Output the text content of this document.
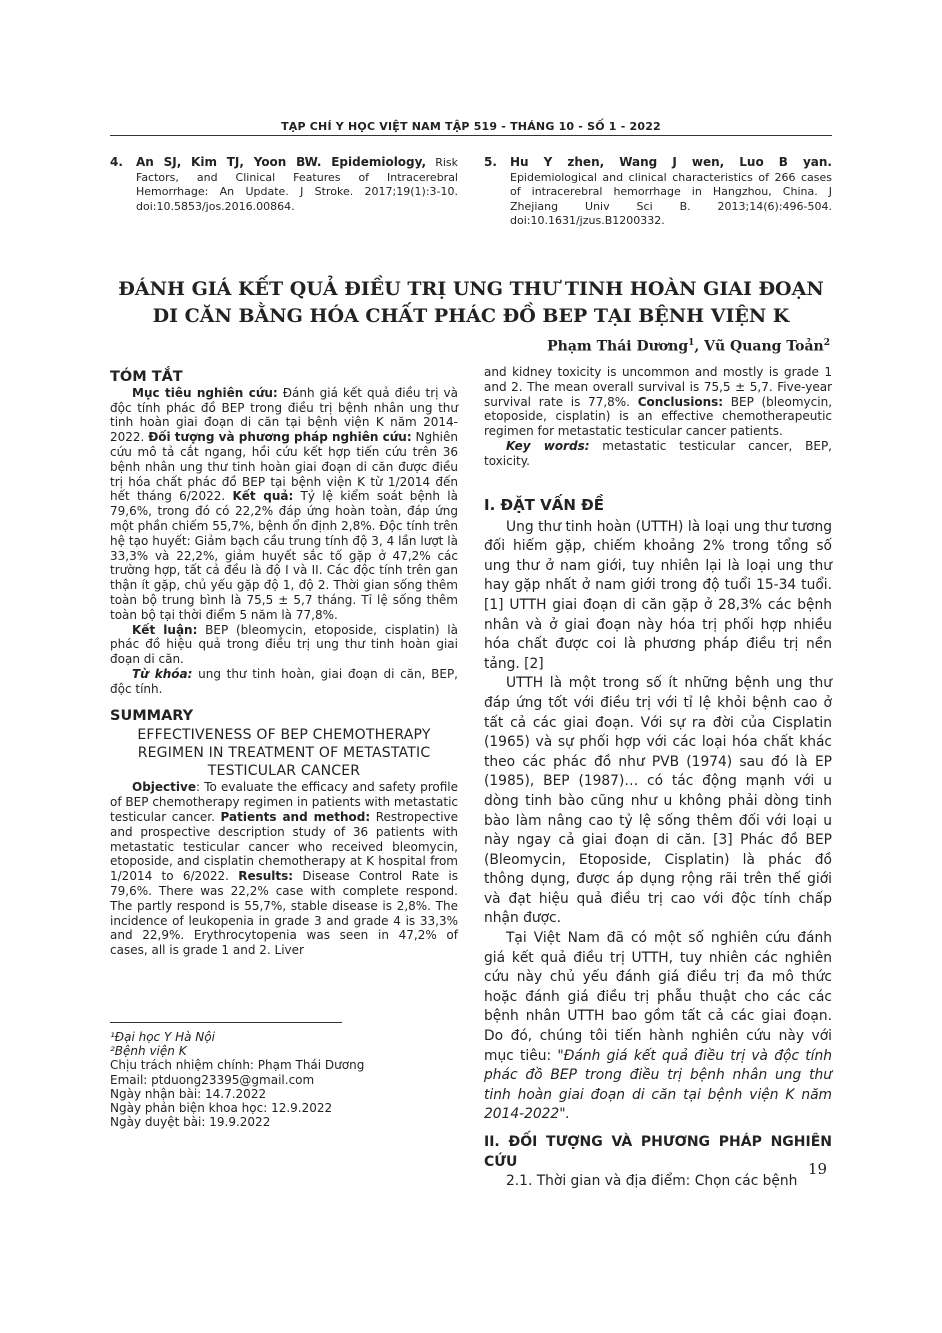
TẠP CHÍ Y HỌC VIỆT NAM TẬP 519 - THÁNG 10 - SỐ 1 - 2022
4. An SJ, Kim TJ, Yoon BW. Epidemiology, Risk Factors, and Clinical Features of Intracerebral Hemorrhage: An Update. J Stroke. 2017;19(1):3-10. doi:10.5853/jos.2016.00864.
5. Hu Y zhen, Wang J wen, Luo B yan. Epidemiological and clinical characteristics of 266 cases of intracerebral hemorrhage in Hangzhou, China. J Zhejiang Univ Sci B. 2013;14(6):496-504. doi:10.1631/jzus.B1200332.
ĐÁNH GIÁ KẾT QUẢ ĐIỀU TRỊ UNG THƯ TINH HOÀN GIAI ĐOẠN
DI CĂN BẰNG HÓA CHẤT PHÁC ĐỒ BEP TẠI BỆNH VIỆN K
Phạm Thái Dương$^1$, Vũ Quang Toản$^2$
TÓM TẮT

Mục tiêu nghiên cứu: Đánh giá kết quả điều trị và độc tính phác đồ BEP trong điều trị bệnh nhân ung thư tinh hoàn giai đoạn di căn tại bệnh viện K năm 2014-2022. Đối tượng và phương pháp nghiên cứu: Nghiên cứu mô tả cắt ngang, hồi cứu kết hợp tiến cứu trên 36 bệnh nhân ung thư tinh hoàn giai đoạn di căn được điều trị hóa chất phác đồ BEP tại bệnh viện K từ 1/2014 đến hết tháng 6/2022. Kết quả: Tỷ lệ kiểm soát bệnh là 79,6%, trong đó có 22,2% đáp ứng hoàn toàn, đáp ứng một phần chiếm 55,7%, bệnh ổn định 2,8%. Độc tính trên hệ tạo huyết: Giảm bạch cầu trung tính độ 3, 4 lần lượt là 33,3% và 22,2%, giảm huyết sắc tố gặp ở 47,2% các trường hợp, tất cả đều là độ I và II. Các độc tính trên gan thận ít gặp, chủ yếu gặp độ 1, độ 2. Thời gian sống thêm toàn bộ trung bình là 75,5 ± 5,7 tháng. Tỉ lệ sống thêm toàn bộ tại thời điểm 5 năm là 77,8%.

Kết luận: BEP (bleomycin, etoposide, cisplatin) là phác đồ hiệu quả trong điều trị ung thư tinh hoàn giai đoạn di căn.

Từ khóa: ung thư tinh hoàn, giai đoạn di căn, BEP, độc tính.

SUMMARY
EFFECTIVENESS OF BEP CHEMOTHERAPY
REGIMEN IN TREATMENT OF METASTATIC
TESTICULAR CANCER

Objective: To evaluate the efficacy and safety profile of BEP chemotherapy regimen in patients with metastatic testicular cancer. Patients and method: Restropective and prospective description study of 36 patients with metastatic testicular cancer who received bleomycin, etoposide, and cisplatin chemotherapy at K hospital from 1/2014 to 6/2022. Results: Disease Control Rate is 79,6%. There was 22,2% case with complete respond. The partly respond is 55,7%, stable disease is 2,8%. The incidence of leukopenia in grade 3 and grade 4 is 33,3% and 22,9%. Erythrocytopenia was seen in 47,2% of cases, all is grade 1 and 2. Liver

¹Đại học Y Hà Nội
²Bệnh viện K
Chịu trách nhiệm chính: Phạm Thái Dương
Email: ptduong23395@gmail.com
Ngày nhận bài: 14.7.2022
Ngày phản biện khoa học: 12.9.2022
Ngày duyệt bài: 19.9.2022

and kidney toxicity is uncommon and mostly is grade 1 and 2. The mean overall survival is 75,5 ± 5,7. Five-year survival rate is 77,8%. Conclusions: BEP (bleomycin, etoposide, cisplatin) is an effective chemotherapeutic regimen for metastatic testicular cancer patients.

Key words: metastatic testicular cancer, BEP, toxicity.

I. ĐẶT VẤN ĐỀ

Ung thư tinh hoàn (UTTH) là loại ung thư tương đối hiếm gặp, chiếm khoảng 2% trong tổng số ung thư ở nam giới, tuy nhiên lại là loại ung thư hay gặp nhất ở nam giới trong độ tuổi 15-34 tuổi.[1] UTTH giai đoạn di căn gặp ở 28,3% các bệnh nhân và ở giai đoạn này hóa trị phối hợp nhiều hóa chất được coi là phương pháp điều trị nền tảng. [2]

UTTH là một trong số ít những bệnh ung thư đáp ứng tốt với điều trị với tỉ lệ khỏi bệnh cao ở tất cả các giai đoạn. Với sự ra đời của Cisplatin (1965) và sự phối hợp với các loại hóa chất khác theo các phác đồ như PVB (1974) sau đó là EP (1985), BEP (1987)… có tác động mạnh với u dòng tinh bào cũng như u không phải dòng tinh bào làm nâng cao tỷ lệ sống thêm đối với loại u này ngay cả giai đoạn di căn. [3] Phác đồ BEP (Bleomycin, Etoposide, Cisplatin) là phác đồ thông dụng, được áp dụng rộng rãi trên thế giới và đạt hiệu quả điều trị cao với độc tính chấp nhận được.

Tại Việt Nam đã có một số nghiên cứu đánh giá kết quả điều trị UTTH, tuy nhiên các nghiên cứu này chủ yếu đánh giá điều trị đa mô thức hoặc đánh giá điều trị phẫu thuật cho các các bệnh nhân UTTH bao gồm tất cả các giai đoạn. Do đó, chúng tôi tiến hành nghiên cứu này với mục tiêu: "Đánh giá kết quả điều trị và độc tính phác đồ BEP trong điều trị bệnh nhân ung thư tinh hoàn giai đoạn di căn tại bệnh viện K năm 2014-2022".

II. ĐỐI TƯỢNG VÀ PHƯƠNG PHÁP NGHIÊN CỨU

2.1. Thời gian và địa điểm: Chọn các bệnh

19
